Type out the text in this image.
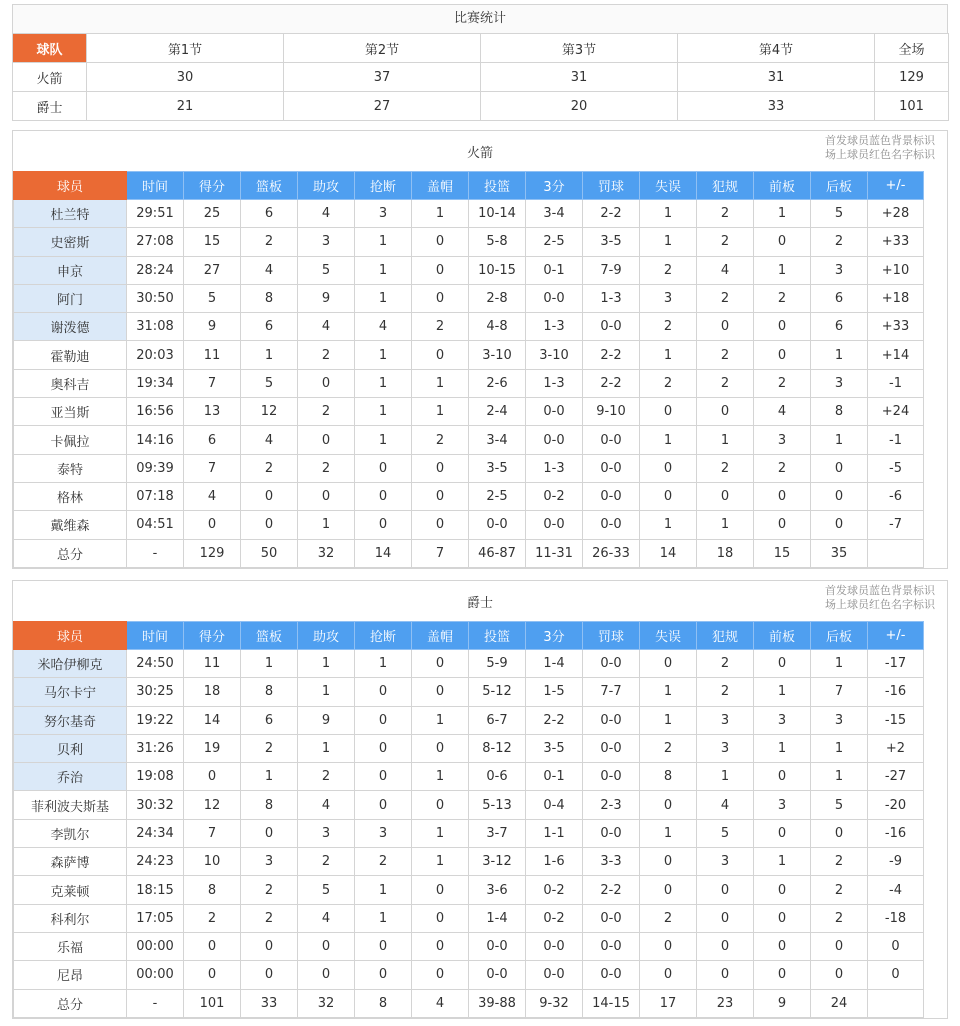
比赛统计
球队	第1节	第2节	第3节	第4节	全场
火箭	30	37	31	31	129
爵士	21	27	20	33	101
火箭
首发球员蓝色背景标识
场上球员红色名字标识
球员	时间	得分	篮板	助攻	抢断	盖帽	投篮	3分	罚球	失误	犯规	前板	后板	+/-
杜兰特	29:51	25	6	4	3	1	10-14	3-4	2-2	1	2	1	5	+28
史密斯	27:08	15	2	3	1	0	5-8	2-5	3-5	1	2	0	2	+33
申京	28:24	27	4	5	1	0	10-15	0-1	7-9	2	4	1	3	+10
阿门	30:50	5	8	9	1	0	2-8	0-0	1-3	3	2	2	6	+18
谢泼德	31:08	9	6	4	4	2	4-8	1-3	0-0	2	0	0	6	+33
霍勒迪	20:03	11	1	2	1	0	3-10	3-10	2-2	1	2	0	1	+14
奥科吉	19:34	7	5	0	1	1	2-6	1-3	2-2	2	2	2	3	-1
亚当斯	16:56	13	12	2	1	1	2-4	0-0	9-10	0	0	4	8	+24
卡佩拉	14:16	6	4	0	1	2	3-4	0-0	0-0	1	1	3	1	-1
泰特	09:39	7	2	2	0	0	3-5	1-3	0-0	0	2	2	0	-5
格林	07:18	4	0	0	0	0	2-5	0-2	0-0	0	0	0	0	-6
戴维森	04:51	0	0	1	0	0	0-0	0-0	0-0	1	1	0	0	-7
总分	-	129	50	32	14	7	46-87	11-31	26-33	14	18	15	35	
爵士
首发球员蓝色背景标识
场上球员红色名字标识
球员	时间	得分	篮板	助攻	抢断	盖帽	投篮	3分	罚球	失误	犯规	前板	后板	+/-
米哈伊柳克	24:50	11	1	1	1	0	5-9	1-4	0-0	0	2	0	1	-17
马尔卡宁	30:25	18	8	1	0	0	5-12	1-5	7-7	1	2	1	7	-16
努尔基奇	19:22	14	6	9	0	1	6-7	2-2	0-0	1	3	3	3	-15
贝利	31:26	19	2	1	0	0	8-12	3-5	0-0	2	3	1	1	+2
乔治	19:08	0	1	2	0	1	0-6	0-1	0-0	8	1	0	1	-27
菲利波夫斯基	30:32	12	8	4	0	0	5-13	0-4	2-3	0	4	3	5	-20
李凯尔	24:34	7	0	3	3	1	3-7	1-1	0-0	1	5	0	0	-16
森萨博	24:23	10	3	2	2	1	3-12	1-6	3-3	0	3	1	2	-9
克莱顿	18:15	8	2	5	1	0	3-6	0-2	2-2	0	0	0	2	-4
科利尔	17:05	2	2	4	1	0	1-4	0-2	0-0	2	0	0	2	-18
乐福	00:00	0	0	0	0	0	0-0	0-0	0-0	0	0	0	0	0
尼昂	00:00	0	0	0	0	0	0-0	0-0	0-0	0	0	0	0	0
总分	-	101	33	32	8	4	39-88	9-32	14-15	17	23	9	24	
